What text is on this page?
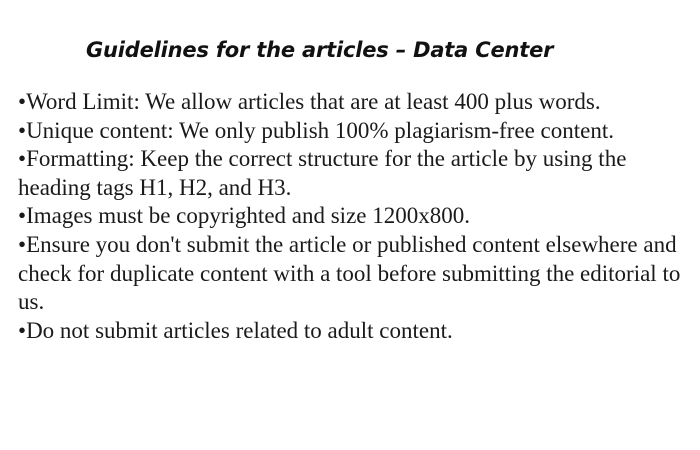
Guidelines for the articles – Data Center
•Word Limit: We allow articles that are at least 400 plus words.
•Unique content: We only publish 100% plagiarism-free content.
•Formatting: Keep the correct structure for the article by using the heading tags H1, H2, and H3.
•Images must be copyrighted and size 1200x800.
•Ensure you don't submit the article or published content elsewhere and check for duplicate content with a tool before submitting the editorial to us.
•Do not submit articles related to adult content.
